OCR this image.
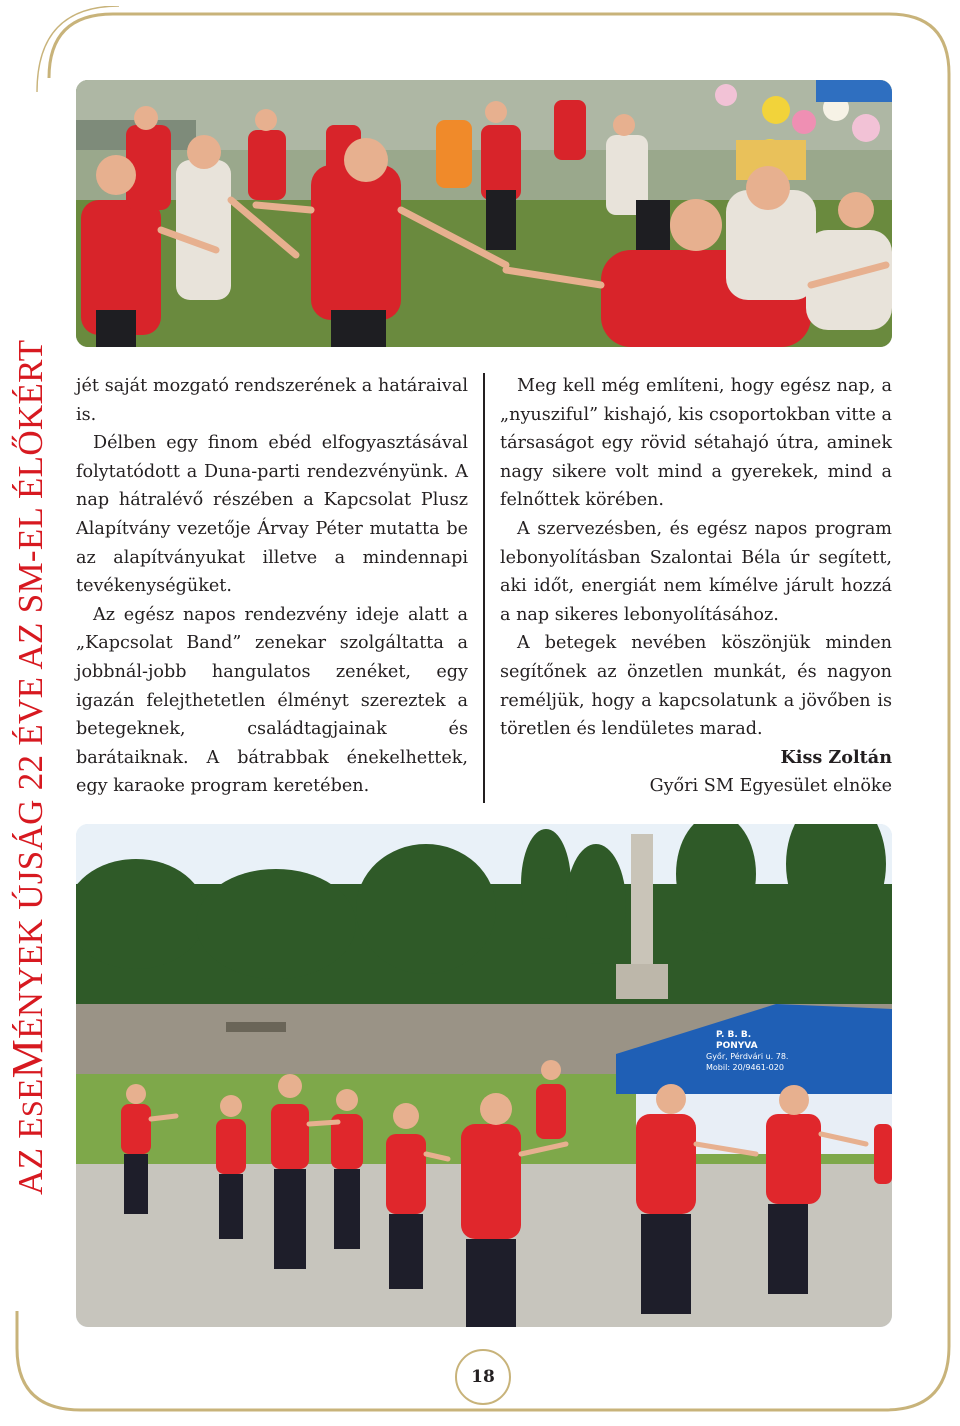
AZ ESEMÉNYEK ÚJSÁG 22 ÉVE AZ SM-EL ÉLŐKÉRT jét saját mozgató rendszerének a határaival is.

Délben egy finom ebéd elfogyasztásával folytatódott a Duna-parti rendezvényünk. A nap hátralévő részében a Kapcsolat Plusz Alapítvány vezetője Árvay Péter mutatta be az alapítványukat illetve a mindennapi tevékenységüket.

Az egész napos rendezvény ideje alatt a „Kapcsolat Band” zenekar szolgáltatta a jobbnál-jobb hangulatos zenéket, egy igazán felejthetetlen élményt szereztek a betegeknek, családtagjainak és barátaiknak. A bátrabbak énekelhettek, egy karaoke program keretében.

Meg kell még említeni, hogy egész nap, a „nyusziful” kishajó, kis csoportokban vitte a társaságot egy rövid sétahajó útra, aminek nagy sikere volt mind a gyerekek, mind a felnőttek körében.

A szervezésben, és egész napos program lebonyolításban Szalontai Béla úr segített, aki időt, energiát nem kímélve járult hozzá a nap sikeres lebonyolításához.

A betegek nevében köszönjük minden segítőnek az önzetlen munkát, és nagyon reméljük, hogy a kapcsolatunk a jövőben is töretlen és lendületes marad.

Kiss Zoltán
Győri SM Egyesület elnöke
P. B. B.
PONYVA
Győr, Pérdvári u. 78.
Mobil: 20/9461-020
18
